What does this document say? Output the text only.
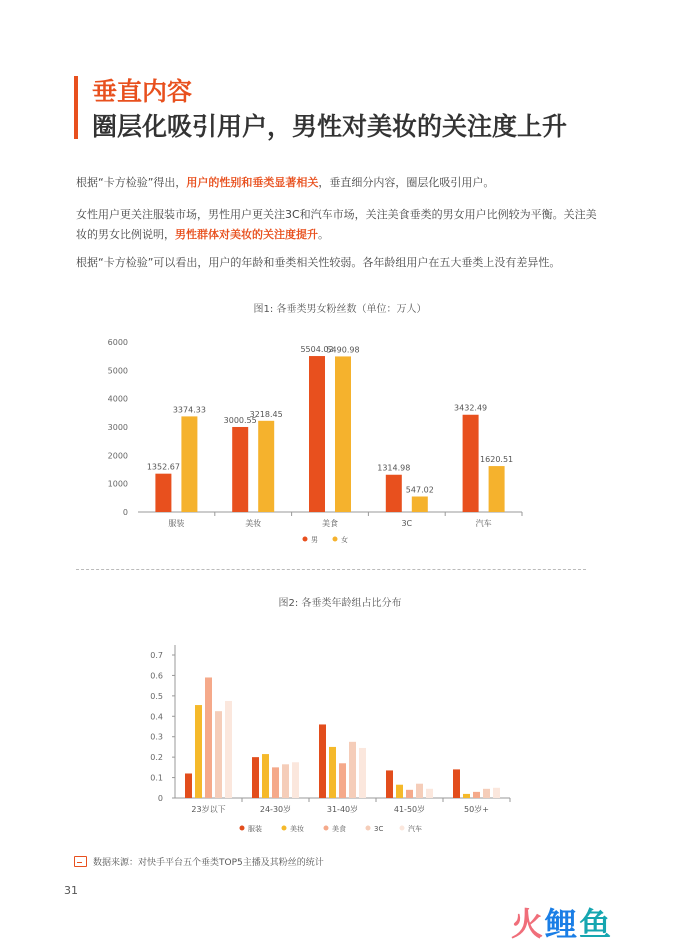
垂直内容
圈层化吸引用户，男性对美妆的关注度上升
根据“卡方检验”得出，用户的性别和垂类显著相关，垂直细分内容，圈层化吸引用户。
女性用户更关注服装市场，男性用户更关注3C和汽车市场，关注美食垂类的男女用户比例较为平衡。关注美妆的男女比例说明，男性群体对美妆的关注度提升。
根据“卡方检验”可以看出，用户的年龄和垂类相关性较弱。各年龄组用户在五大垂类上没有差异性。
图1: 各垂类男女粉丝数（单位：万人）
0
1000
2000
3000
4000
5000
6000
1352.67
3374.33
服装
3000.55
3218.45
美妆
5504.02
5490.98
美食
1314.98
547.02
3C
3432.49
1620.51
汽车
男	女
图2: 各垂类年龄组占比分布
0
0.1
0.2
0.3
0.4
0.5
0.6
0.7
23岁以下	24-30岁	31-40岁	41-50岁	50岁+
服装	美妆	美食	3C	汽车
数据来源：对快手平台五个垂类TOP5主播及其粉丝的统计
31
火鲤鱼
